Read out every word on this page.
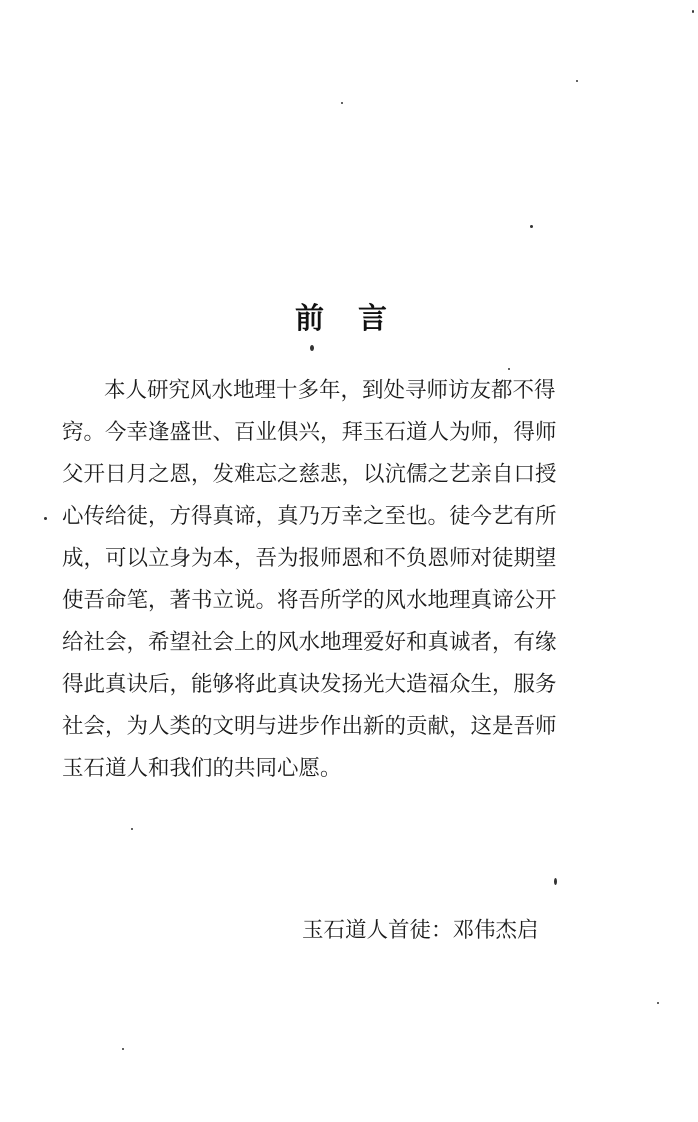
前言
本人研究风水地理十多年，到处寻师访友都不得
窍。今幸逢盛世、百业俱兴，拜玉石道人为师，得师
父开日月之恩，发难忘之慈悲，以沆儒之艺亲自口授
心传给徒，方得真谛，真乃万幸之至也。徒今艺有所
成，可以立身为本，吾为报师恩和不负恩师对徒期望
使吾命笔，著书立说。将吾所学的风水地理真谛公开
给社会，希望社会上的风水地理爱好和真诚者，有缘
得此真诀后，能够将此真诀发扬光大造福众生，服务
社会，为人类的文明与进步作出新的贡献，这是吾师
玉石道人和我们的共同心愿。
玉石道人首徒：邓伟杰启
